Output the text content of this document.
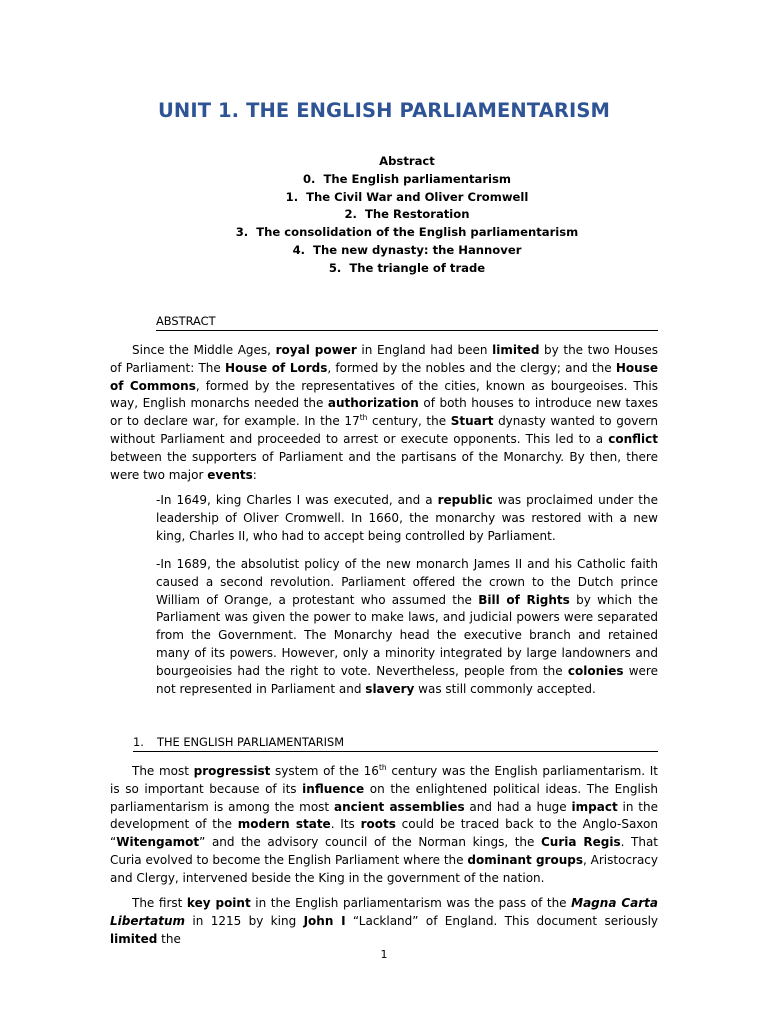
UNIT 1. THE ENGLISH PARLIAMENTARISM
Abstract
0. The English parliamentarism
1. The Civil War and Oliver Cromwell
2. The Restoration
3. The consolidation of the English parliamentarism
4. The new dynasty: the Hannover
5. The triangle of trade
ABSTRACT

Since the Middle Ages, royal power in England had been limited by the two Houses of Parliament: The House of Lords, formed by the nobles and the clergy; and the House of Commons, formed by the representatives of the cities, known as bourgeoises. This way, English monarchs needed the authorization of both houses to introduce new taxes or to declare war, for example. In the 17th century, the Stuart dynasty wanted to govern without Parliament and proceeded to arrest or execute opponents. This led to a conflict between the supporters of Parliament and the partisans of the Monarchy. By then, there were two major events:

-In 1649, king Charles I was executed, and a republic was proclaimed under the leadership of Oliver Cromwell. In 1660, the monarchy was restored with a new king, Charles II, who had to accept being controlled by Parliament.

-In 1689, the absolutist policy of the new monarch James II and his Catholic faith caused a second revolution. Parliament offered the crown to the Dutch prince William of Orange, a protestant who assumed the Bill of Rights by which the Parliament was given the power to make laws, and judicial powers were separated from the Government. The Monarchy head the executive branch and retained many of its powers. However, only a minority integrated by large landowners and bourgeoisies had the right to vote. Nevertheless, people from the colonies were not represented in Parliament and slavery was still commonly accepted.

1. THE ENGLISH PARLIAMENTARISM

The most progressist system of the 16th century was the English parliamentarism. It is so important because of its influence on the enlightened political ideas. The English parliamentarism is among the most ancient assemblies and had a huge impact in the development of the modern state. Its roots could be traced back to the Anglo-Saxon “Witengamot” and the advisory council of the Norman kings, the Curia Regis. That Curia evolved to become the English Parliament where the dominant groups, Aristocracy and Clergy, intervened beside the King in the government of the nation.

The first key point in the English parliamentarism was the pass of the Magna Carta Libertatum in 1215 by king John I “Lackland” of England. This document seriously limited the

1
